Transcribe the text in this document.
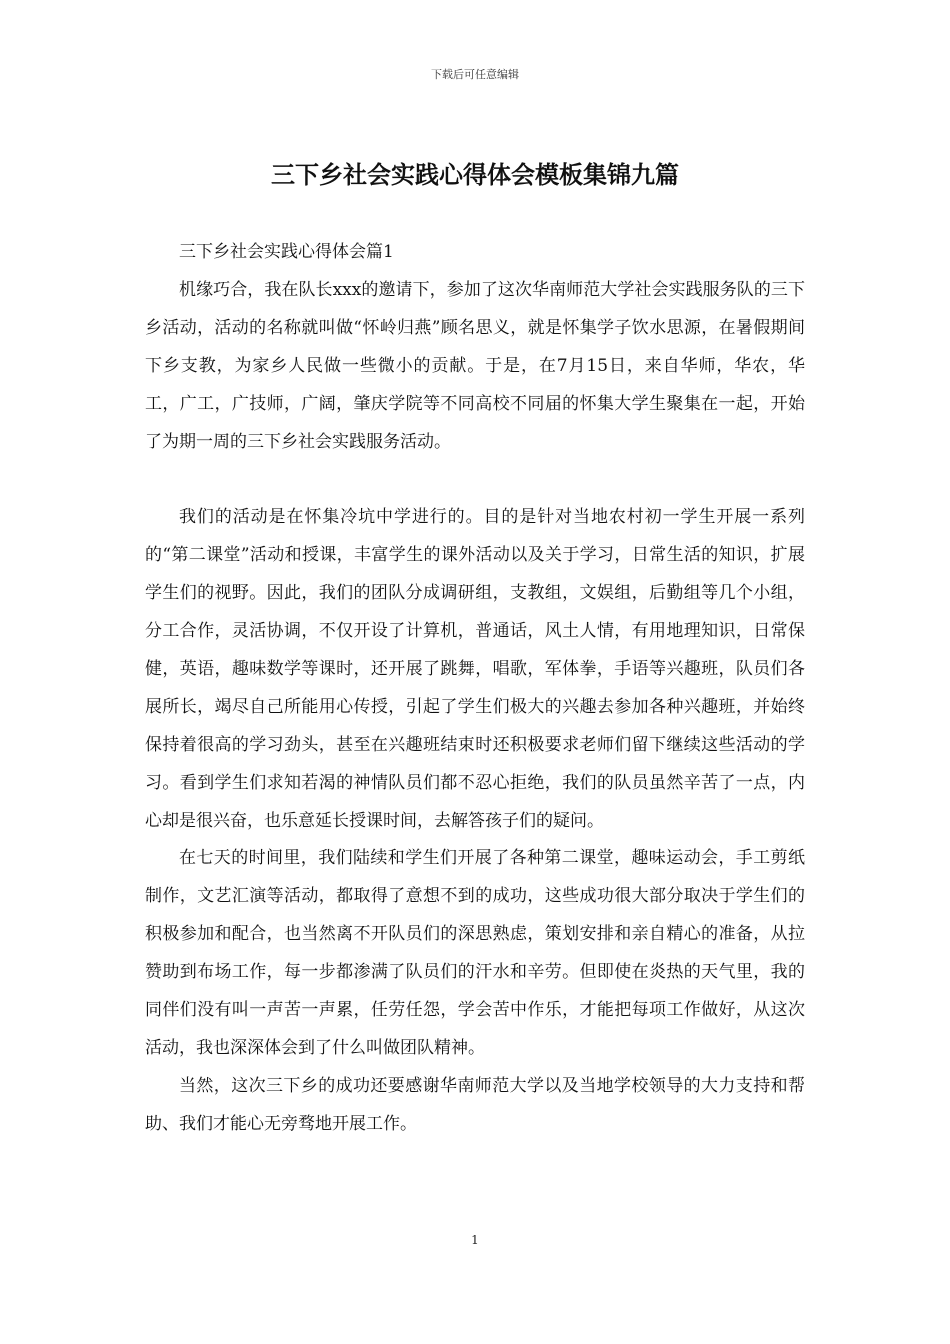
下载后可任意编辑
三下乡社会实践心得体会模板集锦九篇

三下乡社会实践心得体会篇1

机缘巧合，我在队长xxx的邀请下，参加了这次华南师范大学社会实践服务队的三下乡活动，活动的名称就叫做“怀岭归燕”顾名思义，就是怀集学子饮水思源，在暑假期间下乡支教，为家乡人民做一些微小的贡献。于是，在7月15日，来自华师，华农，华工，广工，广技师，广阔，肇庆学院等不同高校不同届的怀集大学生聚集在一起，开始了为期一周的三下乡社会实践服务活动。

我们的活动是在怀集冷坑中学进行的。目的是针对当地农村初一学生开展一系列的“第二课堂”活动和授课，丰富学生的课外活动以及关于学习，日常生活的知识，扩展学生们的视野。因此，我们的团队分成调研组，支教组，文娱组，后勤组等几个小组，分工合作，灵活协调，不仅开设了计算机，普通话，风土人情，有用地理知识，日常保健，英语，趣味数学等课时，还开展了跳舞，唱歌，军体拳，手语等兴趣班，队员们各展所长，竭尽自己所能用心传授，引起了学生们极大的兴趣去参加各种兴趣班，并始终保持着很高的学习劲头，甚至在兴趣班结束时还积极要求老师们留下继续这些活动的学习。看到学生们求知若渴的神情队员们都不忍心拒绝，我们的队员虽然辛苦了一点，内心却是很兴奋，也乐意延长授课时间，去解答孩子们的疑问。

在七天的时间里，我们陆续和学生们开展了各种第二课堂，趣味运动会，手工剪纸制作，文艺汇演等活动，都取得了意想不到的成功，这些成功很大部分取决于学生们的积极参加和配合，也当然离不开队员们的深思熟虑，策划安排和亲自精心的准备，从拉赞助到布场工作，每一步都渗满了队员们的汗水和辛劳。但即使在炎热的天气里，我的同伴们没有叫一声苦一声累，任劳任怨，学会苦中作乐，才能把每项工作做好，从这次活动，我也深深体会到了什么叫做团队精神。

当然，这次三下乡的成功还要感谢华南师范大学以及当地学校领导的大力支持和帮助、我们才能心无旁骛地开展工作。

1
